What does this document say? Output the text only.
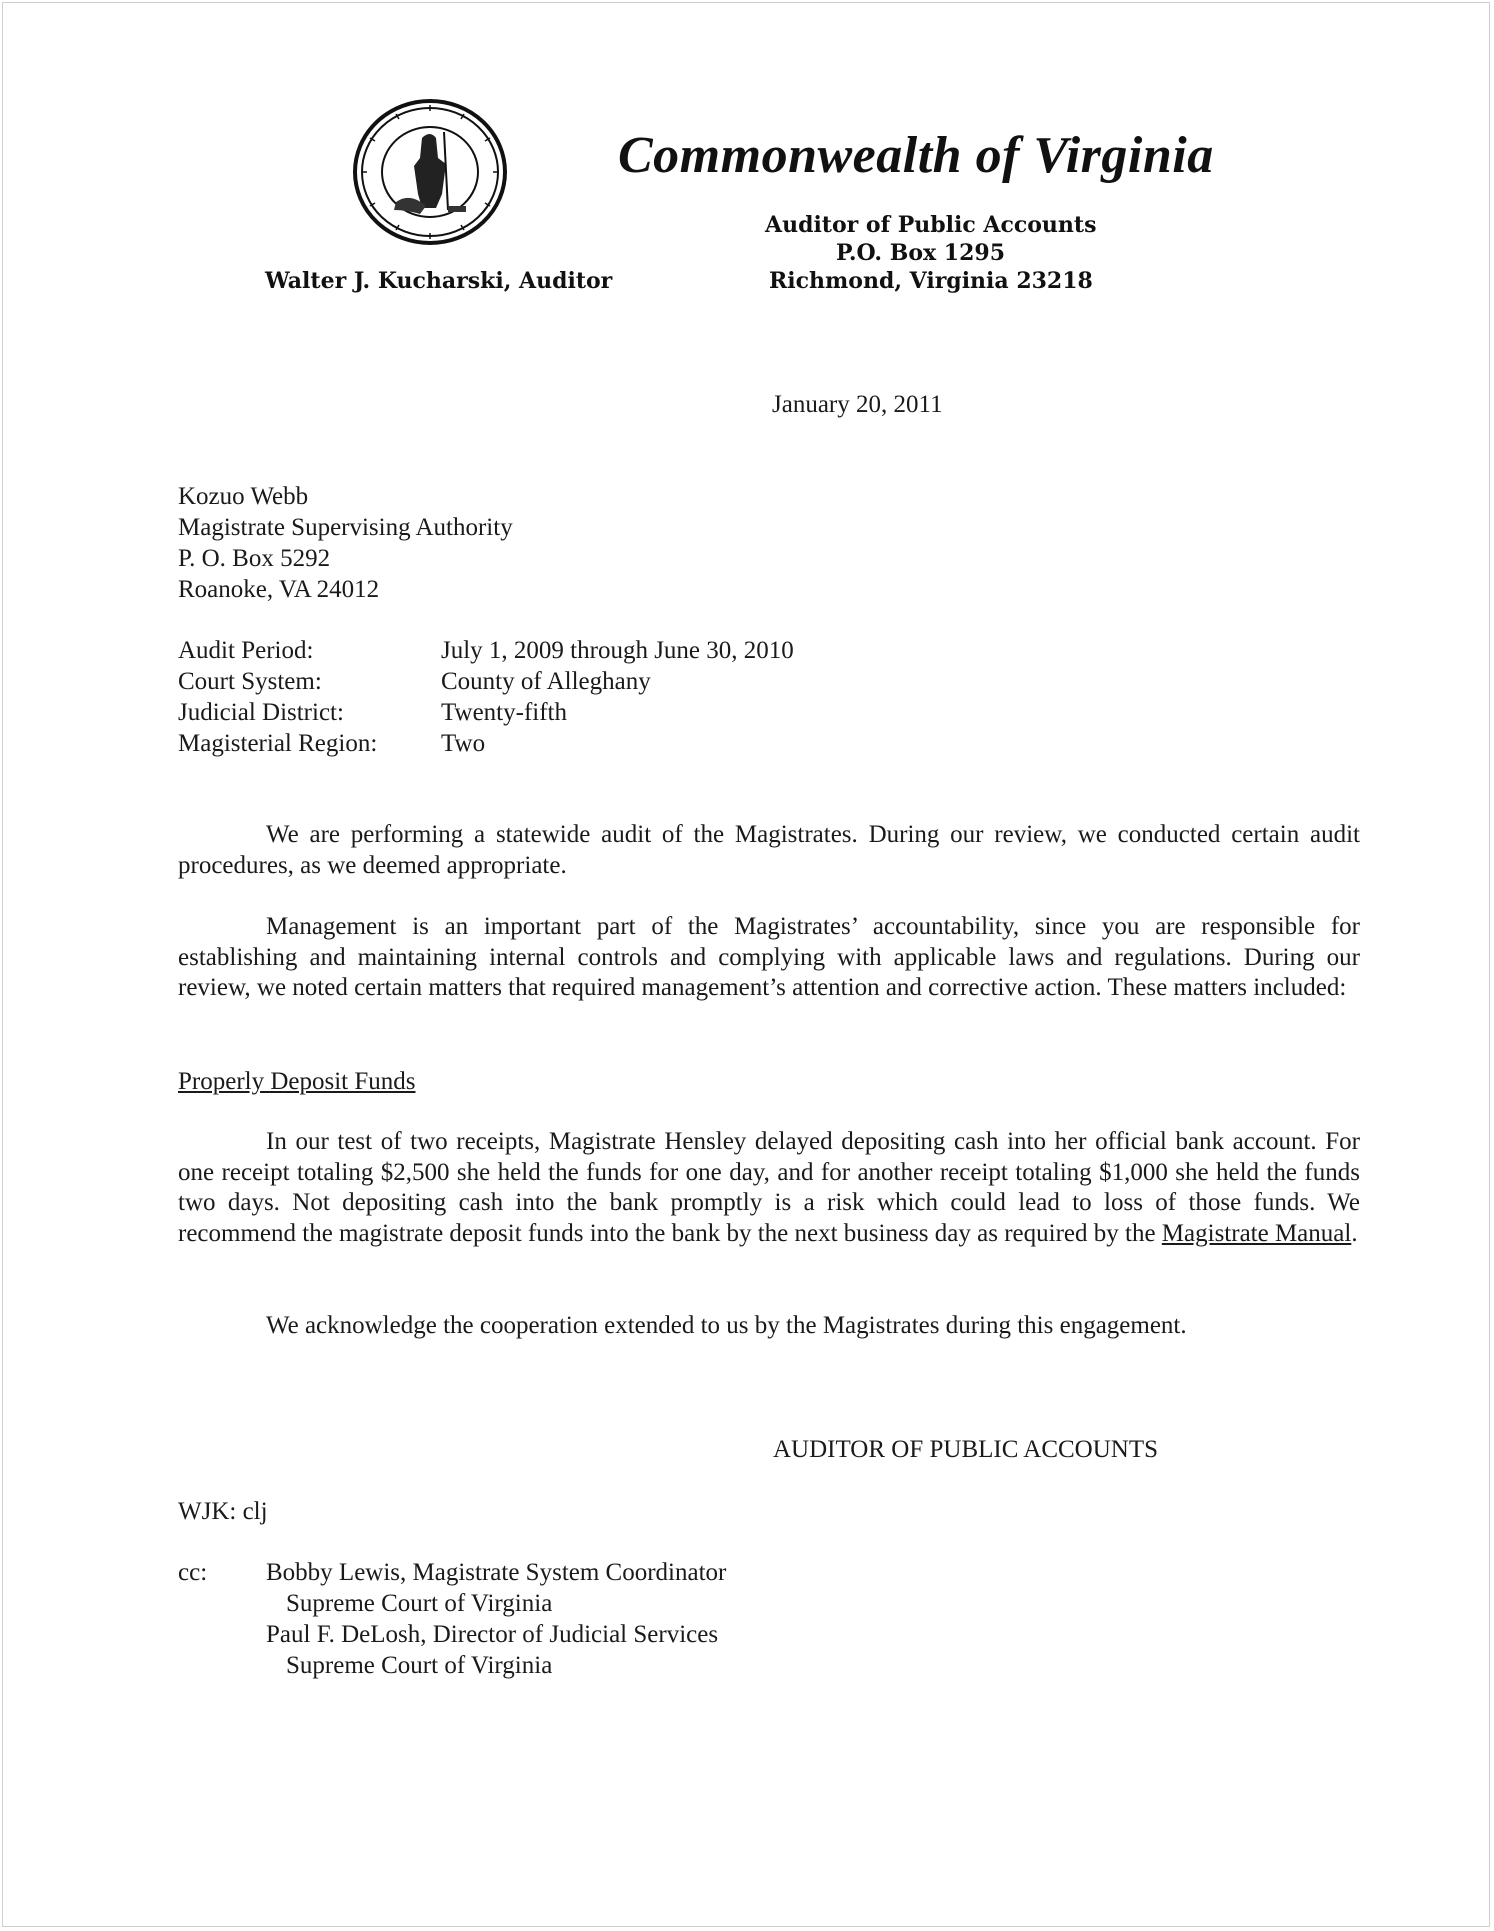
Commonwealth of Virginia
Auditor of Public Accounts
P.O. Box 1295
Richmond, Virginia 23218
Walter J. Kucharski, Auditor
January 20, 2011
Kozuo Webb
Magistrate Supervising Authority
P. O. Box 5292
Roanoke, VA 24012
Audit Period:	July 1, 2009 through June 30, 2010
Court System:	County of Alleghany
Judicial District:	Twenty-fifth
Magisterial Region:	Two
We are performing a statewide audit of the Magistrates. During our review, we conducted certain audit procedures, as we deemed appropriate.
Management is an important part of the Magistrates’ accountability, since you are responsible for establishing and maintaining internal controls and complying with applicable laws and regulations. During our review, we noted certain matters that required management’s attention and corrective action. These matters included:
Properly Deposit Funds
In our test of two receipts, Magistrate Hensley delayed depositing cash into her official bank account. For one receipt totaling $2,500 she held the funds for one day, and for another receipt totaling $1,000 she held the funds two days. Not depositing cash into the bank promptly is a risk which could lead to loss of those funds. We recommend the magistrate deposit funds into the bank by the next business day as required by the Magistrate Manual.
We acknowledge the cooperation extended to us by the Magistrates during this engagement.
AUDITOR OF PUBLIC ACCOUNTS
WJK: clj
cc: Bobby Lewis, Magistrate System Coordinator
Supreme Court of Virginia
Paul F. DeLosh, Director of Judicial Services
Supreme Court of Virginia
